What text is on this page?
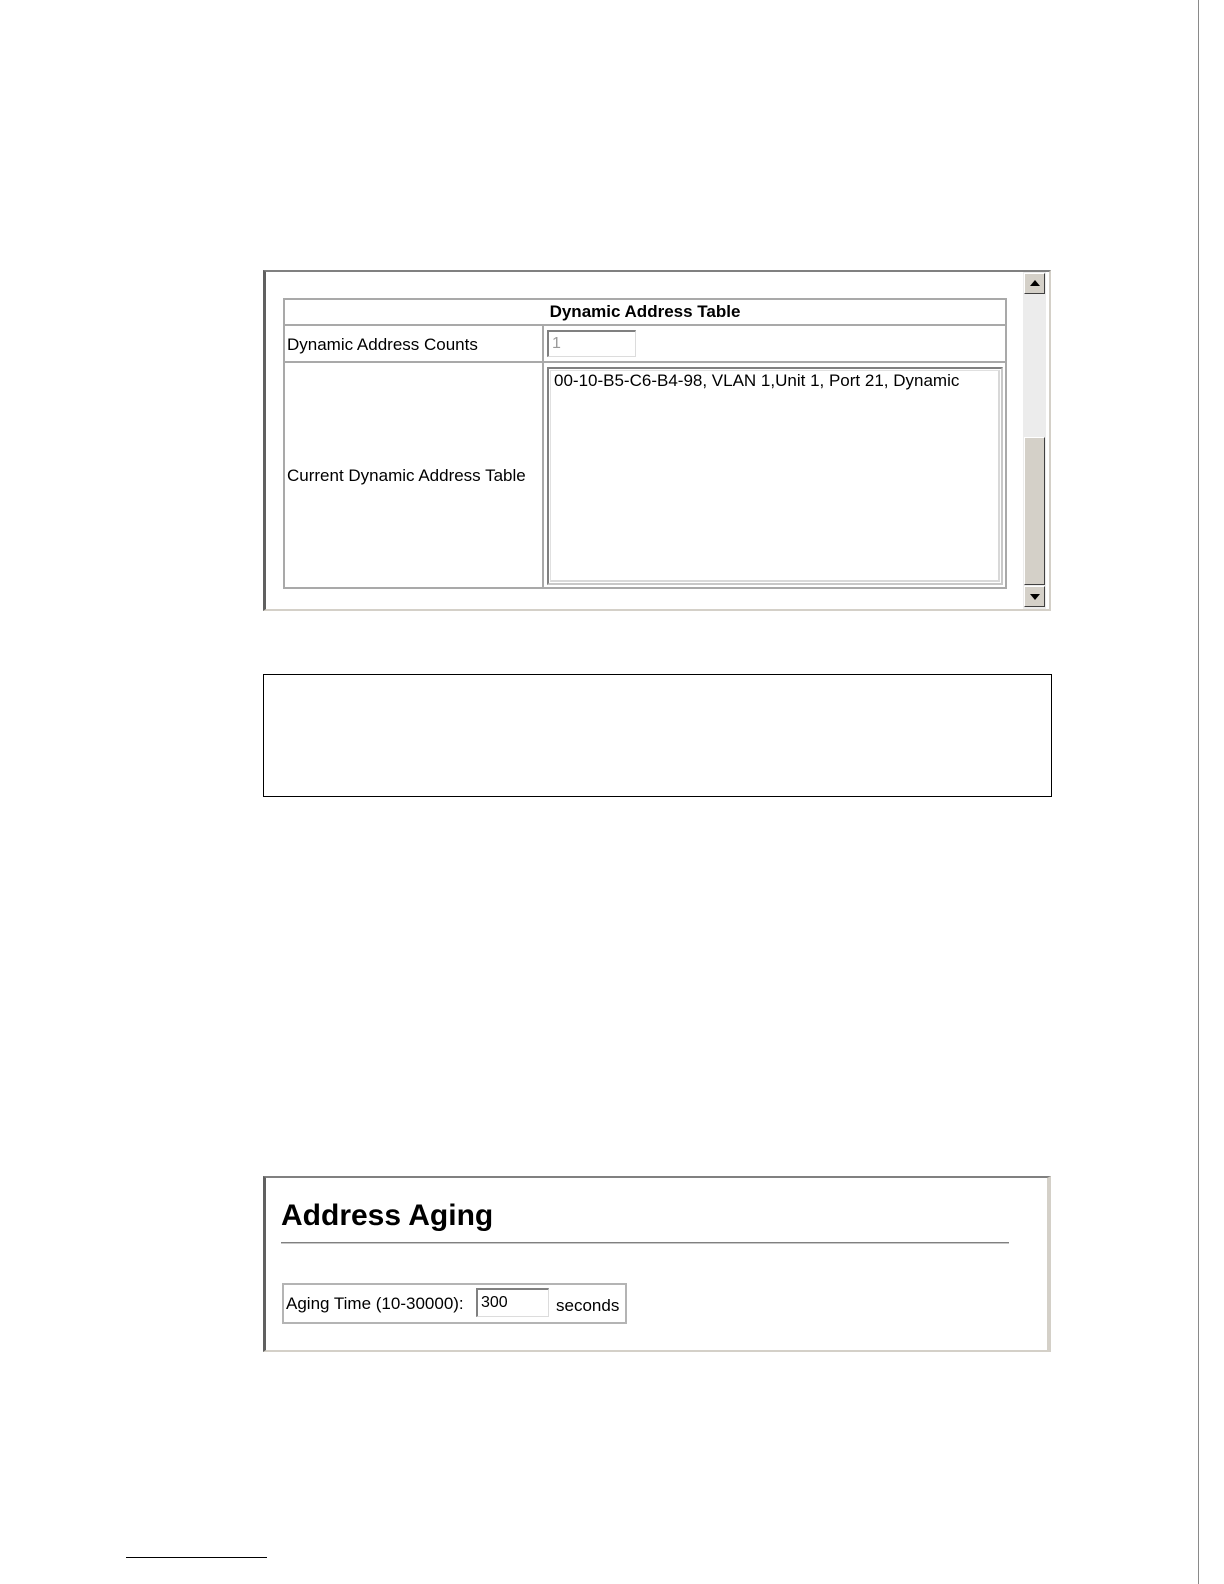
Dynamic Address Table
Dynamic Address Counts
1
Current Dynamic Address Table
00-10-B5-C6-B4-98, VLAN 1,Unit 1, Port 21, Dynamic
Address Aging
Aging Time (10-30000):
300	seconds
